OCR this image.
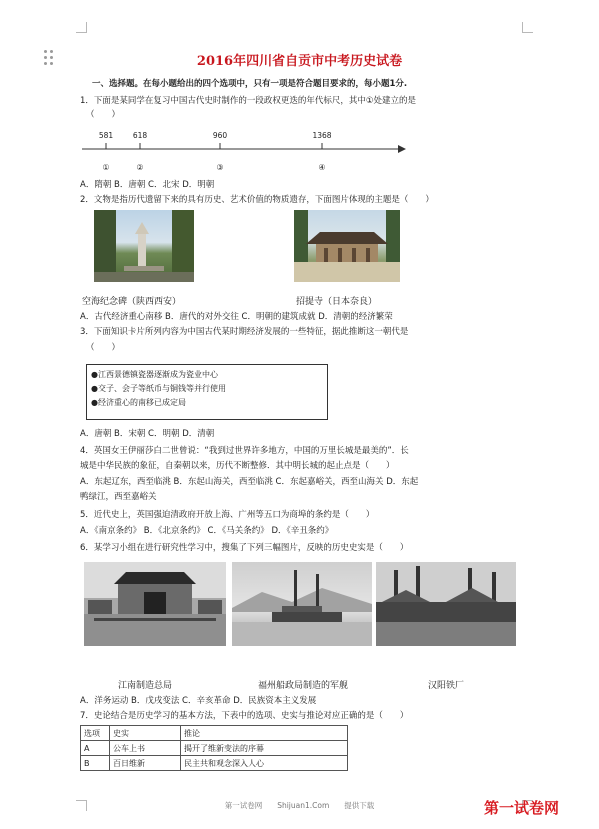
2016年四川省自贡市中考历史试卷
一、选择题。在每小题给出的四个选项中，只有一项是符合题目要求的，每小题1分.
1．下面是某同学在复习中国古代史时制作的一段政权更迭的年代标尺，其中①处建立的是
（　　）
581	618	960	1368
①	②	③	④
A．隋朝 B．唐朝 C．北宋 D．明朝
2．文物是指历代遗留下来的具有历史、艺术价值的物质遗存，下面图片体现的主题是（　　）
空海纪念碑（陕西西安）	招提寺（日本奈良）
A．古代经济重心南移 B．唐代的对外交往 C．明朝的建筑成就 D．清朝的经济繁荣
3．下面知识卡片所列内容为中国古代某时期经济发展的一些特征，据此推断这一朝代是
（　　）
●江西景德镇瓷器逐渐成为瓷业中心
●交子、会子等纸币与铜钱等并行使用
●经济重心的南移已成定局
A．唐朝 B．宋朝 C．明朝 D．清朝
4．英国女王伊丽莎白二世曾说：“我到过世界许多地方，中国的万里长城是最美的”．长
城是中华民族的象征，自秦朝以来，历代不断整修．其中明长城的起止点是（　　）
A．东起辽东，西至临洮 B．东起山海关，西至临洮 C．东起嘉峪关，西至山海关 D．东起
鸭绿江，西至嘉峪关
5．近代史上，英国强迫清政府开放上海、广州等五口为商埠的条约是（　　）
A．《南京条约》 B．《北京条约》 C．《马关条约》 D．《辛丑条约》
6．某学习小组在进行研究性学习中，搜集了下列三幅图片，反映的历史史实是（　　）
江南制造总局	福州船政局制造的军舰	汉阳铁厂
A．洋务运动 B．戊戌变法 C．辛亥革命 D．民族资本主义发展
7．史论结合是历史学习的基本方法，下表中的选项、史实与推论对应正确的是（　　）
选项	史实	推论
A	公车上书	揭开了维新变法的序幕
B	百日维新	民主共和观念深入人心
第一试卷网　　Shijuan1.Com　　提供下载	第一试卷网
